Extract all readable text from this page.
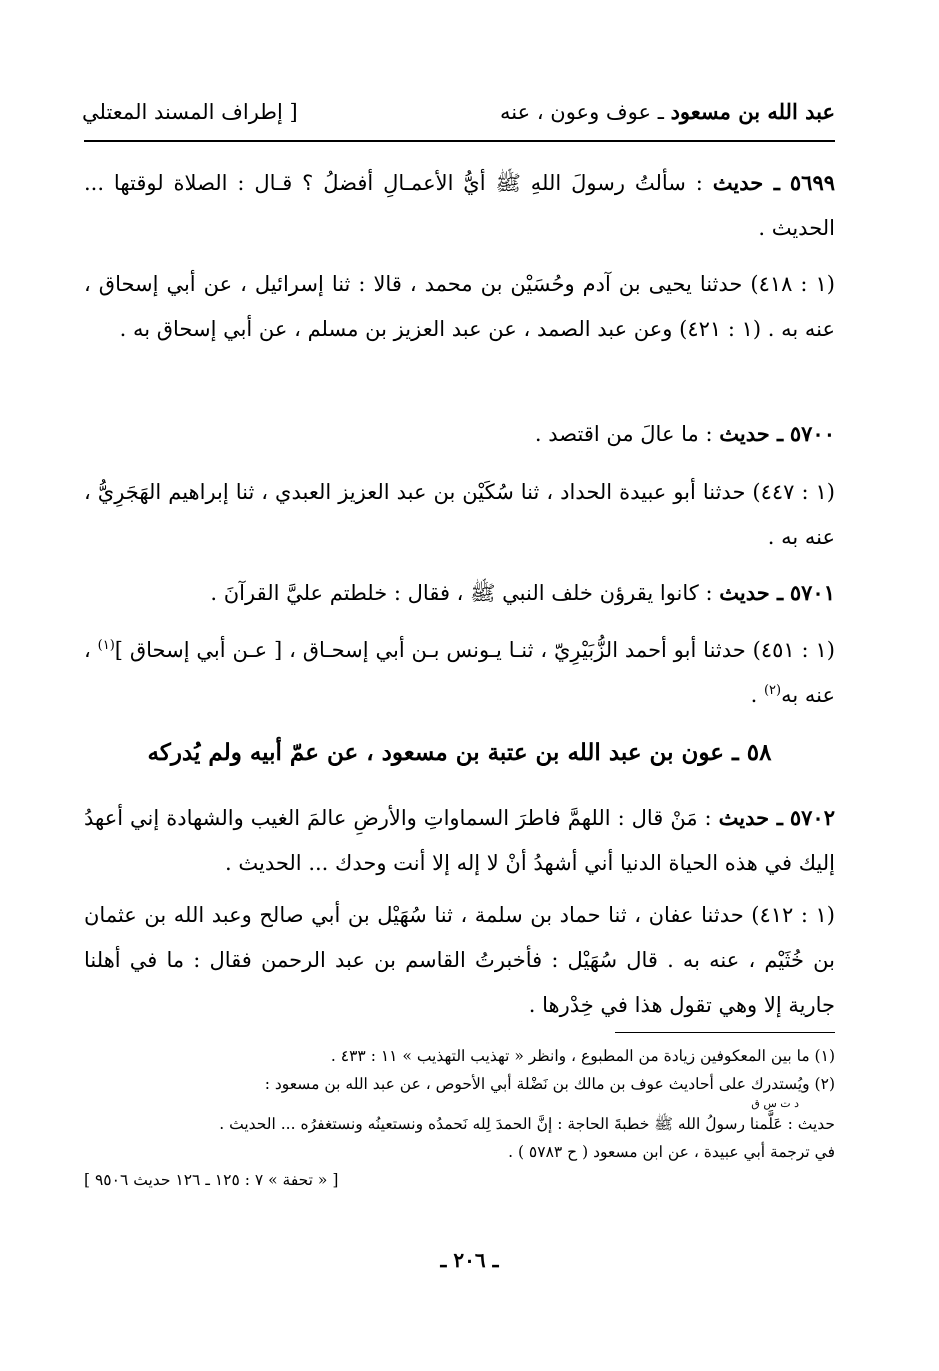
عبد الله بن مسعود ـ عوف وعون ، عنه
[ إطراف المسند المعتلي
٥٦٩٩ ـ حديث : سألتُ رسولَ اللهِ ﷺ أيُّ الأعمـالِ أفضلُ ؟ قـال : الصلاة لوقتها ... الحديث .
(١ : ٤١٨) حدثنا يحيى بن آدم وحُسَيْن بن محمد ، قالا : ثنا إسرائيل ، عن أبي إسحاق ، عنه به . (١ : ٤٢١) وعن عبد الصمد ، عن عبد العزيز بن مسلم ، عن أبي إسحاق به .
٥٧٠٠ ـ حديث : ما عالَ من اقتصد .
(١ : ٤٤٧) حدثنا أبو عبيدة الحداد ، ثنا سُكَيْن بن عبد العزيز العبدي ، ثنا إبراهيم الهَجَرِيُّ ، عنه به .
٥٧٠١ ـ حديث : كانوا يقرؤن خلف النبي ﷺ ، فقال : خلطتم عليَّ القرآنَ .
(١ : ٤٥١) حدثنا أبو أحمد الزُّبَيْرِيّ ، ثنـا يـونس بـن أبي إسحـاق ، [ عـن أبي إسحاق ]$^{(١)}$ ، عنه به$^{(٢)}$ .
٥٨ ـ عون بن عبد الله بن عتبة بن مسعود ، عن عمّ أبيه ولم يُدركه
٥٧٠٢ ـ حديث : مَنْ قال : اللهمَّ فاطرَ السماواتِ والأرضِ عالمَ الغيب والشهادة إني أعهدُ إليك في هذه الحياة الدنيا أني أشهدُ أنْ لا إله إلا أنت وحدك ... الحديث .
(١ : ٤١٢) حدثنا عفان ، ثنا حماد بن سلمة ، ثنا سُهَيْل بن أبي صالح وعبد الله بن عثمان بن خُثَيْم ، عنه به . قال سُهَيْل : فأخبرتُ القاسم بن عبد الرحمن فقال : ما في أهلنا جارية إلا وهي تقول هذا في خِدْرها .

(١) ما بين المعكوفين زيادة من المطبوع ، وانظر « تهذيب التهذيب » ١١ : ٤٣٣ .

(٢) ويُستدرك على أحاديث عوف بن مالك بن نَضْلة أبي الأحوص ، عن عبد الله بن مسعود :

د ت س ق

حديث : عَلَّمنا رسولُ الله ﷺ خطبةَ الحاجة : إنَّ الحمدَ لِله نَحمدُه ونستعينُه ونستغفرُه ... الحديث .

في ترجمة أبي عبيدة ، عن ابن مسعود ( ح ٥٧٨٣ ) .

[ « تحفة » ٧ : ١٢٥ ـ ١٢٦ حديث ٩٥٠٦ ]

ـ ٢٠٦ ـ
